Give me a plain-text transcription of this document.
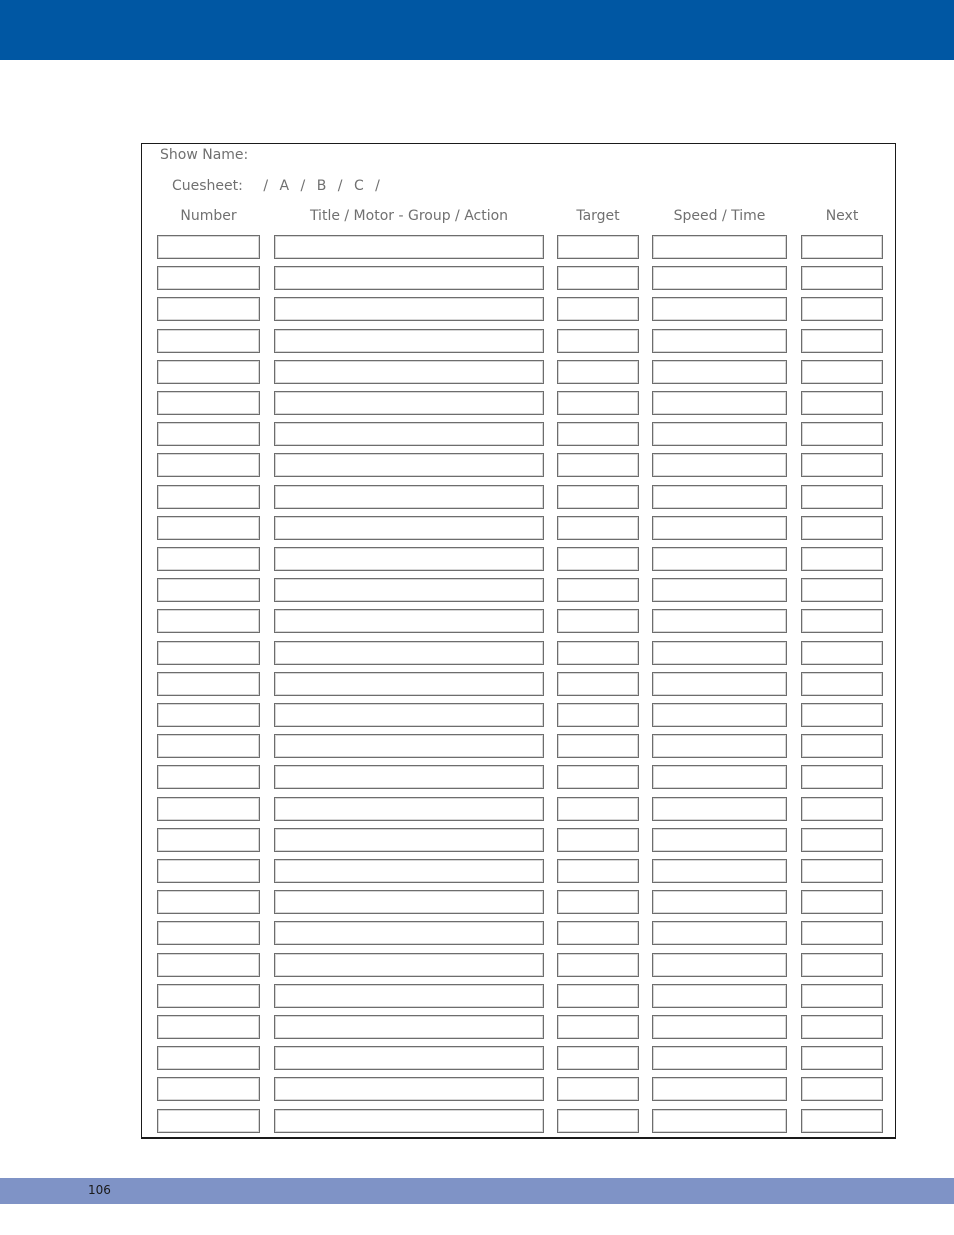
Show Name:
Cuesheet: / A / B / C /
Number	Title / Motor - Group / Action	Target	Speed / Time	Next
106
